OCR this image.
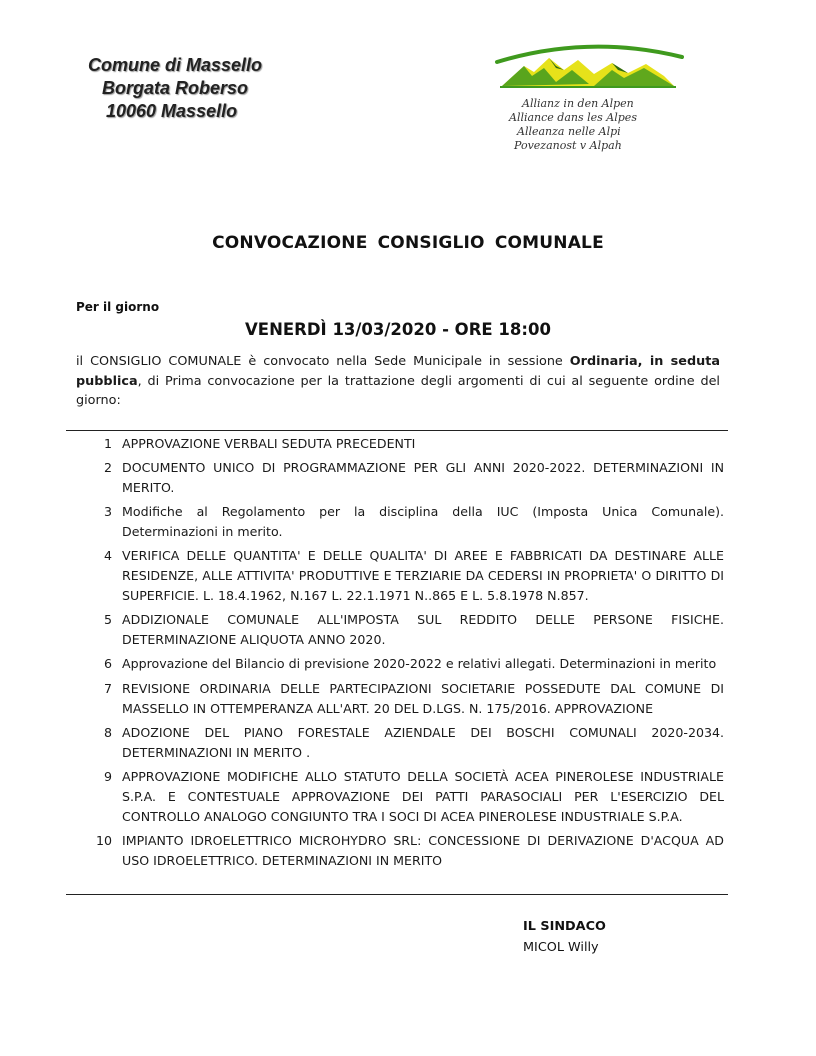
Comune di Massello
Borgata Roberso
10060 Massello	Allianz in den Alpen
Alliance dans les Alpes
Alleanza nelle Alpi
Povezanost v Alpah
CONVOCAZIONE CONSIGLIO COMUNALE
Per il giorno
VENERDÌ 13/03/2020 - ORE 18:00
il CONSIGLIO COMUNALE è convocato nella Sede Municipale in sessione Ordinaria, in seduta pubblica, di Prima convocazione per la trattazione degli argomenti di cui al seguente ordine del giorno:
1 APPROVAZIONE VERBALI SEDUTA PRECEDENTI
2 DOCUMENTO UNICO DI PROGRAMMAZIONE PER GLI ANNI 2020-2022. DETERMINAZIONI IN MERITO.
3 Modifiche al Regolamento per la disciplina della IUC (Imposta Unica Comunale). Determinazioni in merito.
4 VERIFICA DELLE QUANTITA' E DELLE QUALITA' DI AREE E FABBRICATI DA DESTINARE ALLE RESIDENZE, ALLE ATTIVITA' PRODUTTIVE E TERZIARIE DA CEDERSI IN PROPRIETA' O DIRITTO DI SUPERFICIE. L. 18.4.1962, N.167 L. 22.1.1971 N..865 E L. 5.8.1978 N.857.
5 ADDIZIONALE COMUNALE ALL'IMPOSTA SUL REDDITO DELLE PERSONE FISICHE. DETERMINAZIONE ALIQUOTA ANNO 2020.
6 Approvazione del Bilancio di previsione 2020-2022 e relativi allegati. Determinazioni in merito
7 REVISIONE ORDINARIA DELLE PARTECIPAZIONI SOCIETARIE POSSEDUTE DAL COMUNE DI MASSELLO IN OTTEMPERANZA ALL'ART. 20 DEL D.LGS. N. 175/2016. APPROVAZIONE
8 ADOZIONE DEL PIANO FORESTALE AZIENDALE DEI BOSCHI COMUNALI 2020-2034. DETERMINAZIONI IN MERITO .
9 APPROVAZIONE MODIFICHE ALLO STATUTO DELLA SOCIETÀ ACEA PINEROLESE INDUSTRIALE S.P.A. E CONTESTUALE APPROVAZIONE DEI PATTI PARASOCIALI PER L'ESERCIZIO DEL CONTROLLO ANALOGO CONGIUNTO TRA I SOCI DI ACEA PINEROLESE INDUSTRIALE S.P.A.
10 IMPIANTO IDROELETTRICO MICROHYDRO SRL: CONCESSIONE DI DERIVAZIONE D'ACQUA AD USO IDROELETTRICO. DETERMINAZIONI IN MERITO
IL SINDACO
MICOL Willy
